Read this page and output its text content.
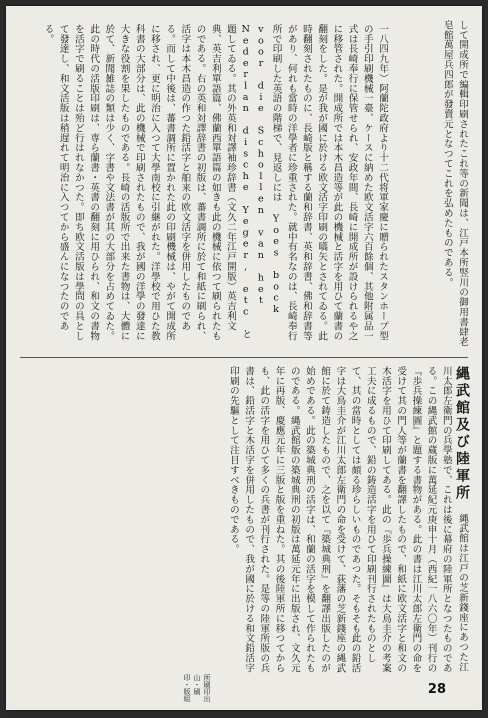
一八四九年）阿蘭陀政府より十二代将軍家慶に贈られたスタンホープ型の手引印刷機械一臺、ケースに納めた欧文活字六百餘個、其他附属品一式は長崎奉行に保管せられ、安政年間、長崎に開成所が設けられるや之に移管された。開成所では本木昌造等が此の機械と活字を用ひて蘭書の翻刻をした。是が我が國に於ける欧文活字印刷の嚆矢とされてゐる。此時翻刻されたものに、長崎版と稱する蘭和辞書、英和辞書、佛和辞書等があり、何れも當時の洋學者に珍重された。就中有名なのは、長崎奉行所で印刷した英語の階梯で、見返しには Yoes bock voor die Schollen van het Nederlan dische Yeger, etc と題してゐる。其の外英和対譯袖珍辞書（文久二年江戸開版）英吉利文典、英吉利單語篇、佛蘭西單語篇の如きも此の機械に依つて刷られたものである。右の英和対譯辞書の初版は、蕃書調所に於て和紙に刷られ、活字は本木昌造の作つた鉛活字と舶来の欧文活字を併用したものである。而して中後は、蕃書調所に置かれた此の印刷機械は、やがて開成所に移され、更に明治に入つて大學南校に引継がれた。洋學校で用ひた教科書の大部分は、此の機械で印刷されたもので、我が國の洋學の發達に大きな役割を果したものである。長崎の活版所で出来た書物は、大體に於て、新聞雑誌の類は少く、字書や文法書が其の大部分を占めてゐた。此の時代の活版印刷は、専ら蘭書・英書の翻刻に用ひられ、和文の書物を活字で刷ることは殆ど行はれなかつた。即ち欧文活版は學問の具として發達し、和文活版は稍遅れて明治に入つてから盛んになつたのである。	して開成所で編輯印刷されたこれ等の新聞は、江戸本所竪川の御用書肆老皂館萬屋兵四郎が發賣元となつてこれを弘めたものである。
縄武館及び陸軍所 縄武館は江戸の芝新錢座にあつた江川太郎左衛門の兵學塾で、これは後に幕府の陸軍所となつたものである。この縄武館の蔵版に萬延紀元庚申十月（西紀一八六〇年）刊行の『歩兵操練圖』と題する書物がある。此の書は江川太郎左衛門の命を受けて其の門人等が蘭書を翻譯したもので、和紙に欧文活字と和文の木活字を用ひて印刷してある。此の『歩兵操練圖』は大鳥圭介の考案工夫に成るもので、鉛の鋳造活字を用ひて印刷刊行されたものとして、其の當時としては頗る珍らしいものであつた。そもそも此の鉛活字は大鳥圭介が江川太郎左衛門の命を受けて、荻藩の芝新錢座の縄武館に於て鋳造したもので、之を以て『築城典刑』を翻譯出版したのが始めである。此の築城典刑の活字は、和蘭の活字を模して作られたものである。縄武館版の築城典刑の初版は萬延元年に出版され、文久元年に再版、慶應元年に三版と版を重ねた。其の後陸軍所に移つてからも、此の活字を用ひて多くの兵書が刊行された。是等の陸軍所版の兵書は、鉛活字と木活字を併用したもので、我が國に於ける和文鉛活字印刷の先驅として注目すべきものである。
所刷印出山・刷印・版組	28
